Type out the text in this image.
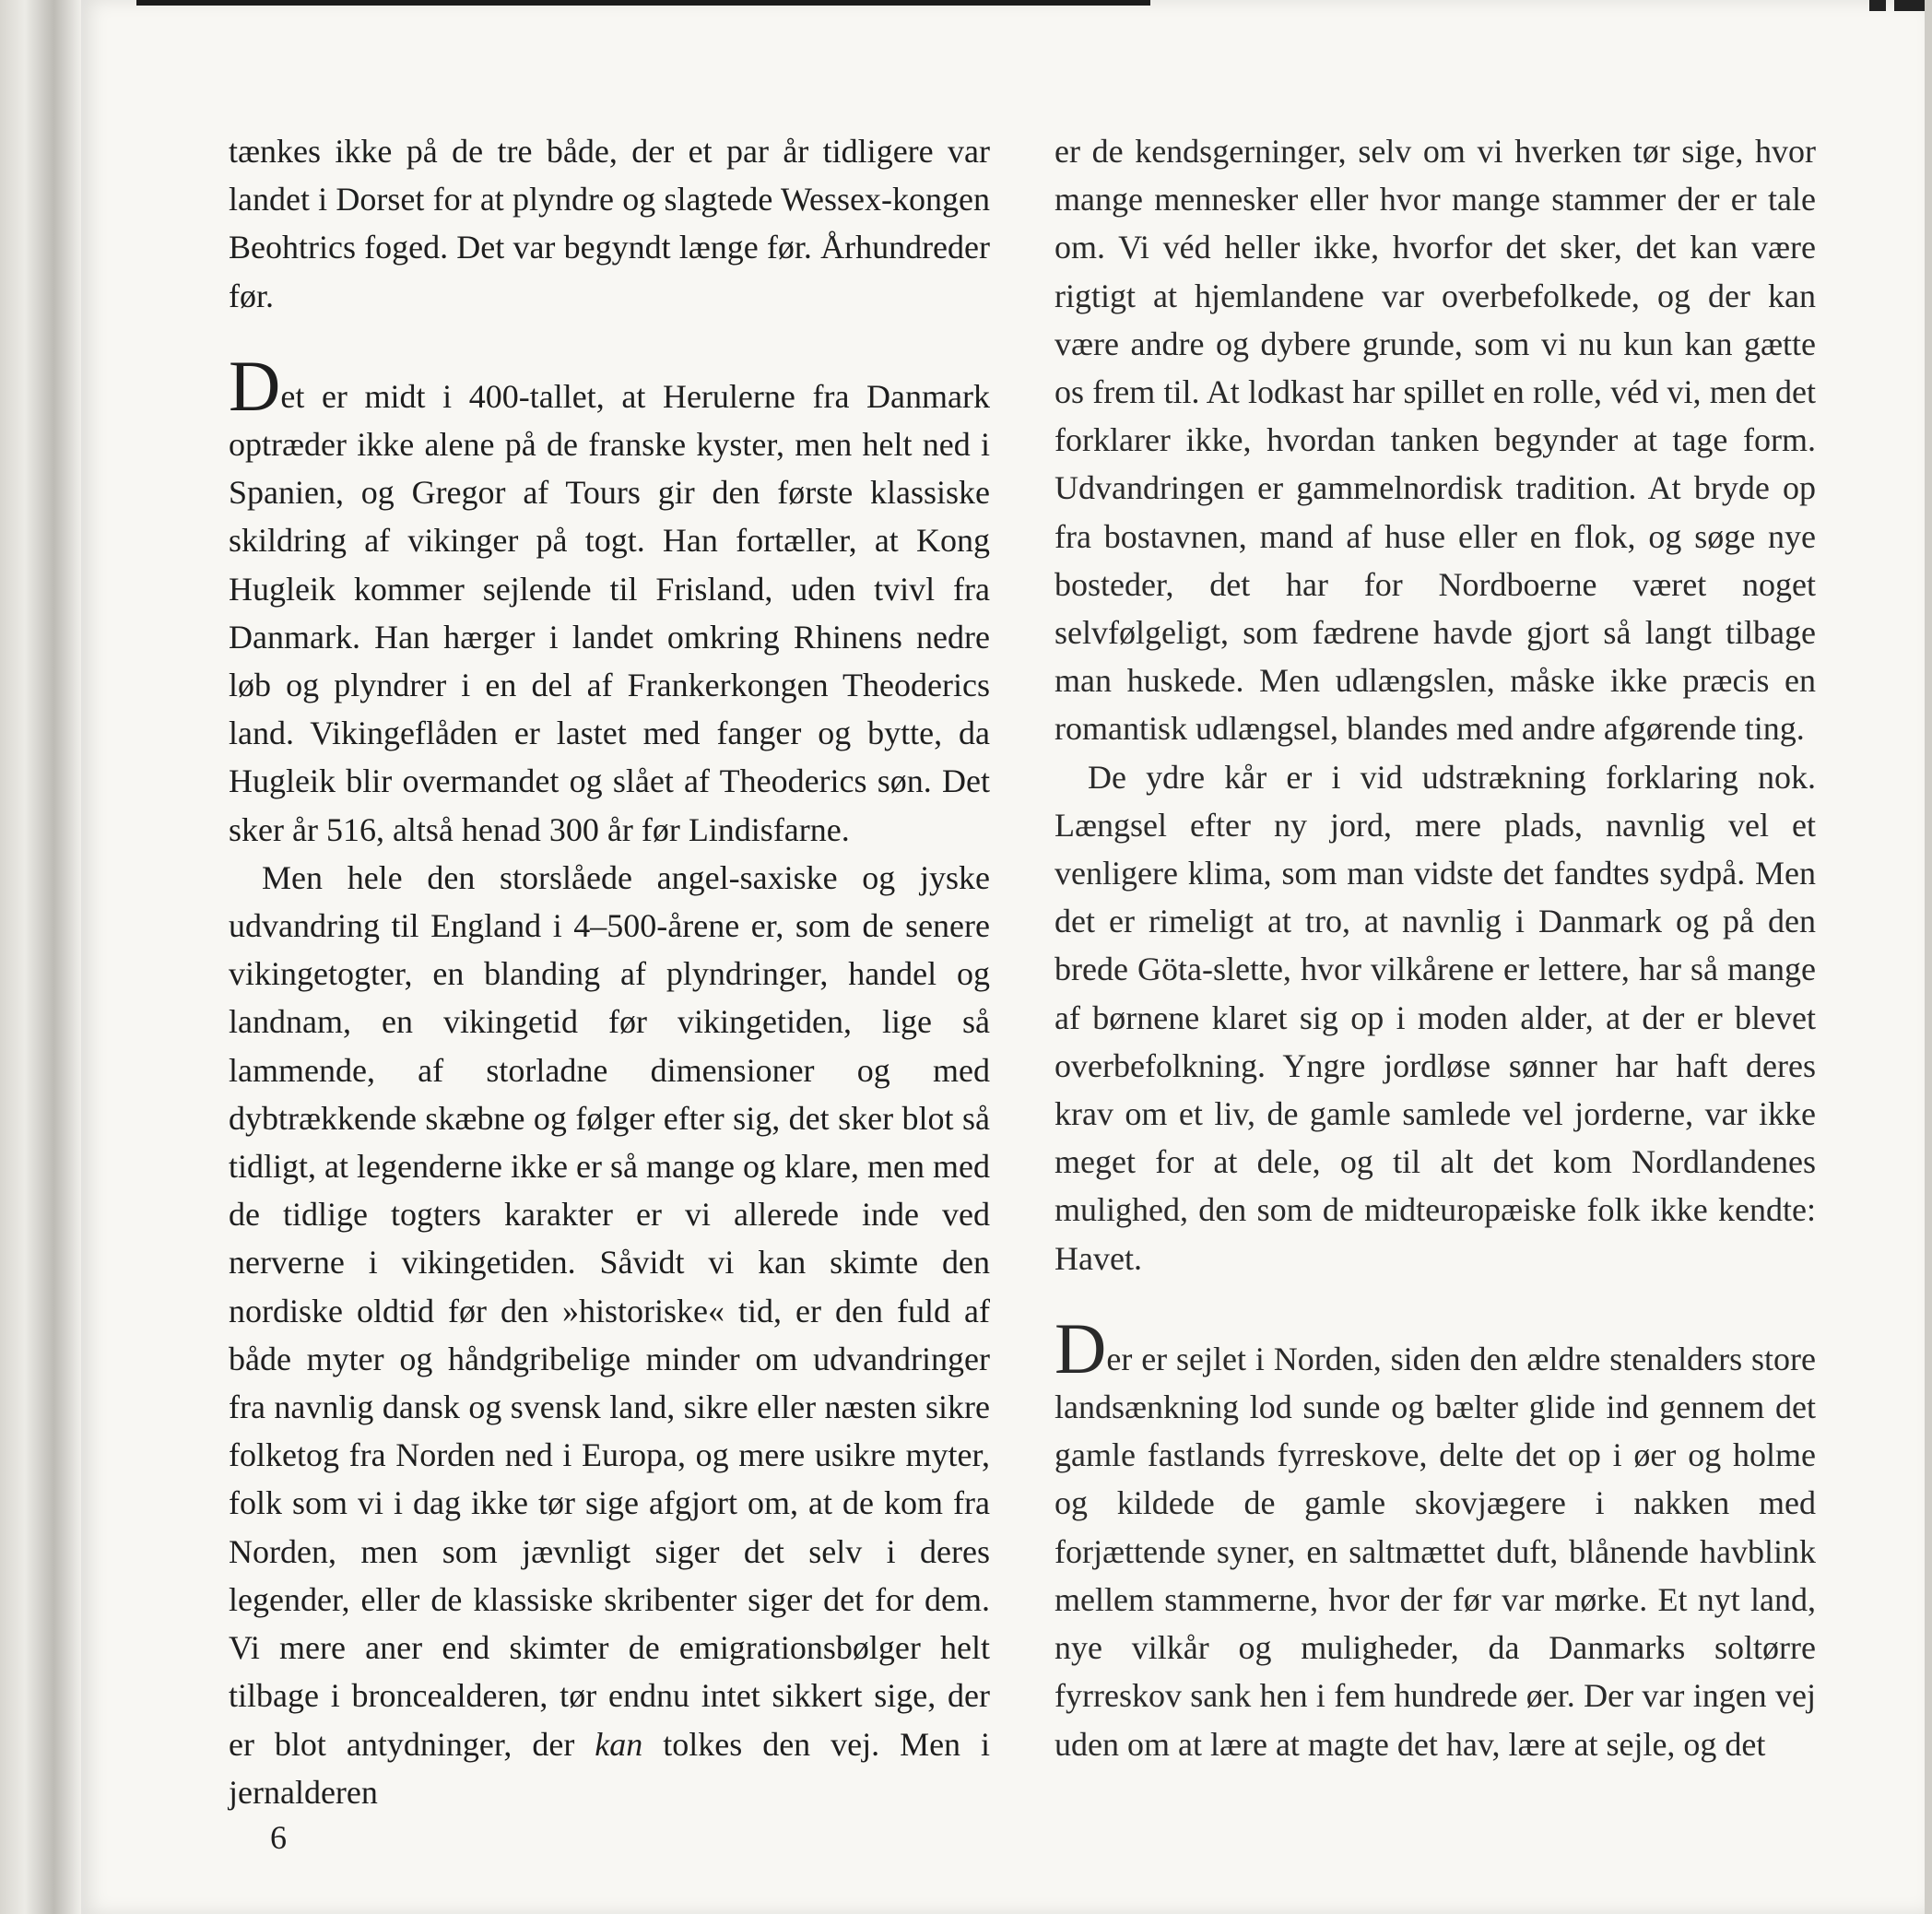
tænkes ikke på de tre både, der et par år tidligere var landet i Dorset for at plyndre og slagtede Wessex-kongen Beohtrics foged. Det var begyndt længe før. Århundreder før.

Det er midt i 400-tallet, at Herulerne fra Danmark optræder ikke alene på de franske kyster, men helt ned i Spanien, og Gregor af Tours gir den første klassiske skildring af vikinger på togt. Han fortæller, at Kong Hugleik kommer sejlende til Frisland, uden tvivl fra Danmark. Han hærger i landet omkring Rhinens nedre løb og plyndrer i en del af Frankerkongen Theoderics land. Vikingeflåden er lastet med fanger og bytte, da Hugleik blir overmandet og slået af Theoderics søn. Det sker år 516, altså henad 300 år før Lindisfarne.

Men hele den storslåede angel-saxiske og jyske udvandring til England i 4–500-årene er, som de senere vikingetogter, en blanding af plyndringer, handel og landnam, en vikingetid før vikingetiden, lige så lammende, af storladne dimensioner og med dybtrækkende skæbne og følger efter sig, det sker blot så tidligt, at legenderne ikke er så mange og klare, men med de tidlige togters karakter er vi allerede inde ved nerverne i vikingetiden. Såvidt vi kan skimte den nordiske oldtid før den »historiske« tid, er den fuld af både myter og håndgribelige minder om udvandringer fra navnlig dansk og svensk land, sikre eller næsten sikre folketog fra Norden ned i Europa, og mere usikre myter, folk som vi i dag ikke tør sige afgjort om, at de kom fra Norden, men som jævnligt siger det selv i deres legender, eller de klassiske skribenter siger det for dem. Vi mere aner end skimter de emigrationsbølger helt tilbage i broncealderen, tør endnu intet sikkert sige, der er blot antydninger, der kan tolkes den vej. Men i jernalderen

er de kendsgerninger, selv om vi hverken tør sige, hvor mange mennesker eller hvor mange stammer der er tale om. Vi véd heller ikke, hvorfor det sker, det kan være rigtigt at hjemlandene var overbefolkede, og der kan være andre og dybere grunde, som vi nu kun kan gætte os frem til. At lodkast har spillet en rolle, véd vi, men det forklarer ikke, hvordan tanken begynder at tage form. Udvandringen er gammelnordisk tradition. At bryde op fra bostavnen, mand af huse eller en flok, og søge nye bosteder, det har for Nordboerne været noget selvfølgeligt, som fædrene havde gjort så langt tilbage man huskede. Men udlængslen, måske ikke præcis en romantisk udlængsel, blandes med andre afgørende ting.

De ydre kår er i vid udstrækning forklaring nok. Længsel efter ny jord, mere plads, navnlig vel et venligere klima, som man vidste det fandtes sydpå. Men det er rimeligt at tro, at navnlig i Danmark og på den brede Göta-slette, hvor vilkårene er lettere, har så mange af børnene klaret sig op i moden alder, at der er blevet overbefolkning. Yngre jordløse sønner har haft deres krav om et liv, de gamle samlede vel jorderne, var ikke meget for at dele, og til alt det kom Nordlandenes mulighed, den som de midteuropæiske folk ikke kendte: Havet.

Der er sejlet i Norden, siden den ældre stenalders store landsænkning lod sunde og bælter glide ind gennem det gamle fastlands fyrreskove, delte det op i øer og holme og kildede de gamle skovjægere i nakken med forjættende syner, en saltmættet duft, blånende havblink mellem stammerne, hvor der før var mørke. Et nyt land, nye vilkår og muligheder, da Danmarks soltørre fyrreskov sank hen i fem hundrede øer. Der var ingen vej uden om at lære at magte det hav, lære at sejle, og det

6
